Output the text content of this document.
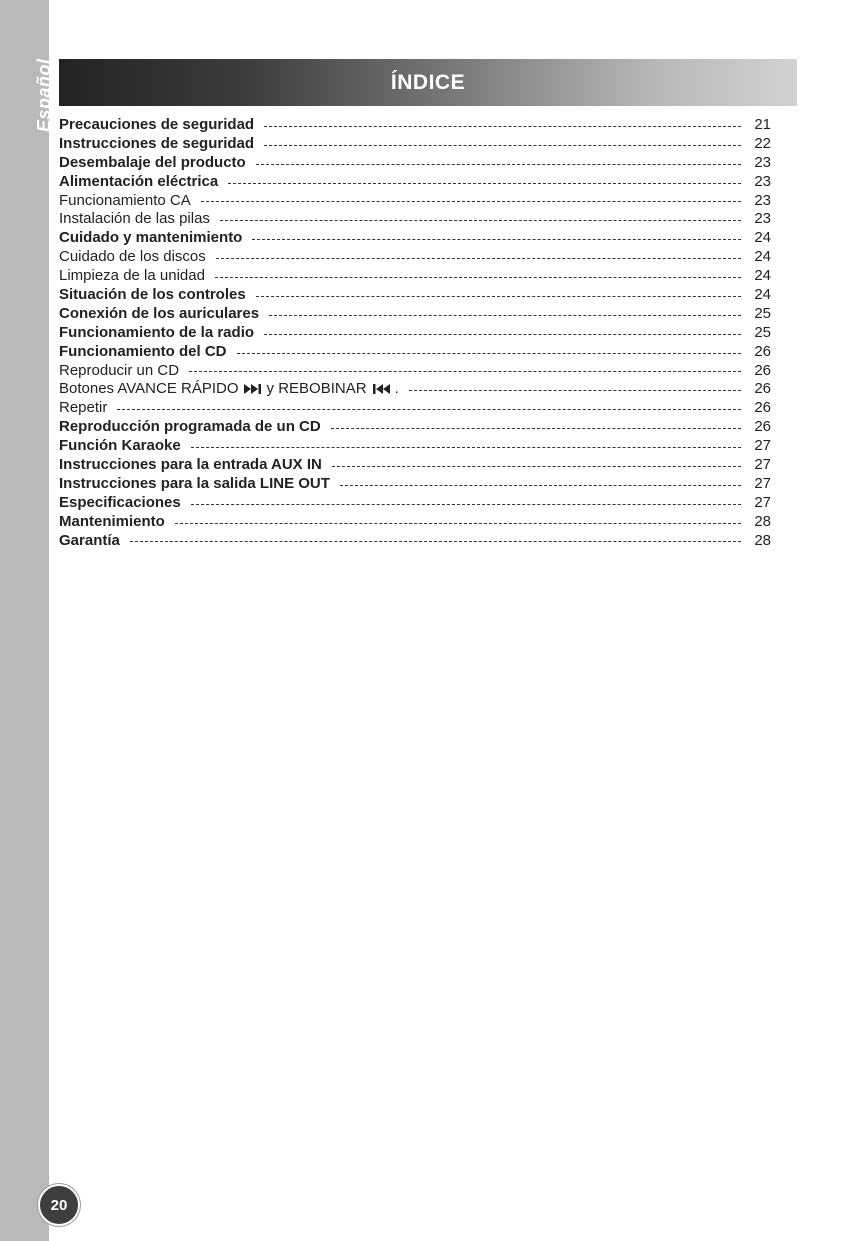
Español
20
ÍNDICE
Precauciones de seguridad	21
Instrucciones de seguridad	22
Desembalaje del producto	23
Alimentación eléctrica	23
Funcionamiento CA	23
Instalación de las pilas	23
Cuidado y mantenimiento	24
Cuidado de los discos	24
Limpieza de la unidad	24
Situación de los controles	24
Conexión de los auriculares	25
Funcionamiento de la radio	25
Funcionamiento del CD	26
Reproducir un CD	26
Botones AVANCE RÁPIDO y REBOBINAR .	26
Repetir	26
Reproducción programada de un CD	26
Función Karaoke	27
Instrucciones para la entrada AUX IN	27
Instrucciones para la salida LINE OUT	27
Especificaciones	27
Mantenimiento	28
Garantía	28
